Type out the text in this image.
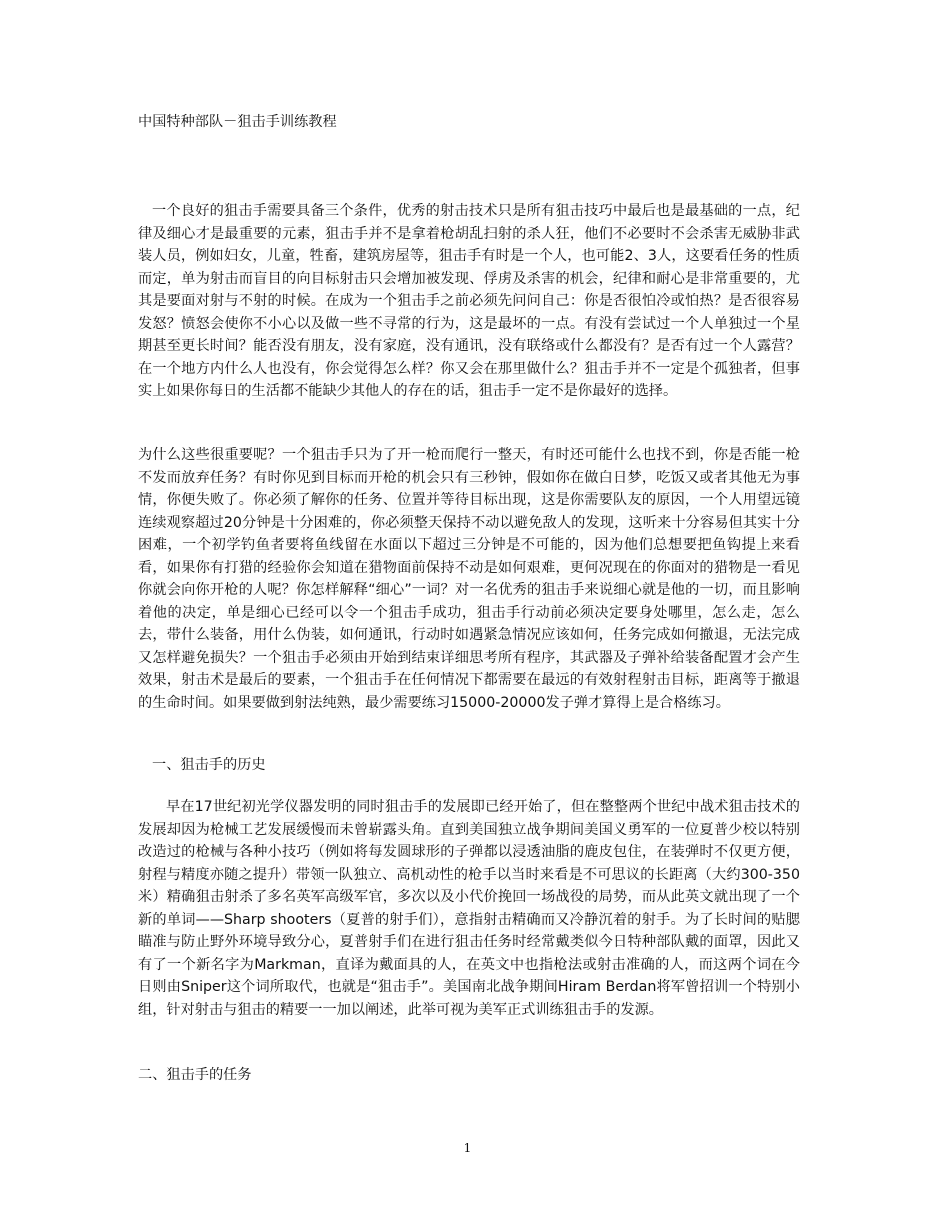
中国特种部队－狙击手训练教程

一个良好的狙击手需要具备三个条件，优秀的射击技术只是所有狙击技巧中最后也是最基础的一点，纪律及细心才是最重要的元素，狙击手并不是拿着枪胡乱扫射的杀人狂，他们不必要时不会杀害无威胁非武装人员，例如妇女，儿童，牲畜，建筑房屋等，狙击手有时是一个人，也可能2、3人，这要看任务的性质而定，单为射击而盲目的向目标射击只会增加被发现、俘虏及杀害的机会，纪律和耐心是非常重要的，尤其是要面对射与不射的时候。在成为一个狙击手之前必须先问问自己：你是否很怕冷或怕热？是否很容易发怒？愤怒会使你不小心以及做一些不寻常的行为，这是最坏的一点。有没有尝试过一个人单独过一个星期甚至更长时间？能否没有朋友，没有家庭，没有通讯，没有联络或什么都没有？是否有过一个人露营？在一个地方内什么人也没有，你会觉得怎么样？你又会在那里做什么？狙击手并不一定是个孤独者，但事实上如果你每日的生活都不能缺少其他人的存在的话，狙击手一定不是你最好的选择。

为什么这些很重要呢？一个狙击手只为了开一枪而爬行一整天，有时还可能什么也找不到，你是否能一枪不发而放弃任务？有时你见到目标而开枪的机会只有三秒钟，假如你在做白日梦，吃饭又或者其他无为事情，你便失败了。你必须了解你的任务、位置并等待目标出现，这是你需要队友的原因，一个人用望远镜连续观察超过20分钟是十分困难的，你必须整天保持不动以避免敌人的发现，这听来十分容易但其实十分困难，一个初学钓鱼者要将鱼线留在水面以下超过三分钟是不可能的，因为他们总想要把鱼钩提上来看看，如果你有打猎的经验你会知道在猎物面前保持不动是如何艰难，更何况现在的你面对的猎物是一看见你就会向你开枪的人呢？你怎样解释“细心”一词？对一名优秀的狙击手来说细心就是他的一切，而且影响着他的决定，单是细心已经可以令一个狙击手成功，狙击手行动前必须决定要身处哪里，怎么走，怎么去，带什么装备，用什么伪装，如何通讯，行动时如遇紧急情况应该如何，任务完成如何撤退，无法完成又怎样避免损失？一个狙击手必须由开始到结束详细思考所有程序，其武器及子弹补给装备配置才会产生效果，射击术是最后的要素，一个狙击手在任何情况下都需要在最远的有效射程射击目标，距离等于撤退的生命时间。如果要做到射法纯熟，最少需要练习15000-20000发子弹才算得上是合格练习。

一、狙击手的历史

早在17世纪初光学仪器发明的同时狙击手的发展即已经开始了，但在整整两个世纪中战术狙击技术的发展却因为枪械工艺发展缓慢而未曾崭露头角。直到美国独立战争期间美国义勇军的一位夏普少校以特别改造过的枪械与各种小技巧（例如将每发圆球形的子弹都以浸透油脂的鹿皮包住，在装弹时不仅更方便，射程与精度亦随之提升）带领一队独立、高机动性的枪手以当时来看是不可思议的长距离（大约300-350米）精确狙击射杀了多名英军高级军官，多次以及小代价挽回一场战役的局势，而从此英文就出现了一个新的单词——Sharp shooters（夏普的射手们），意指射击精确而又冷静沉着的射手。为了长时间的贴腮瞄准与防止野外环境导致分心，夏普射手们在进行狙击任务时经常戴类似今日特种部队戴的面罩，因此又有了一个新名字为Markman，直译为戴面具的人，在英文中也指枪法或射击准确的人，而这两个词在今日则由Sniper这个词所取代，也就是“狙击手”。美国南北战争期间Hiram Berdan将军曾招训一个特别小组，针对射击与狙击的精要一一加以阐述，此举可视为美军正式训练狙击手的发源。

二、狙击手的任务
1
